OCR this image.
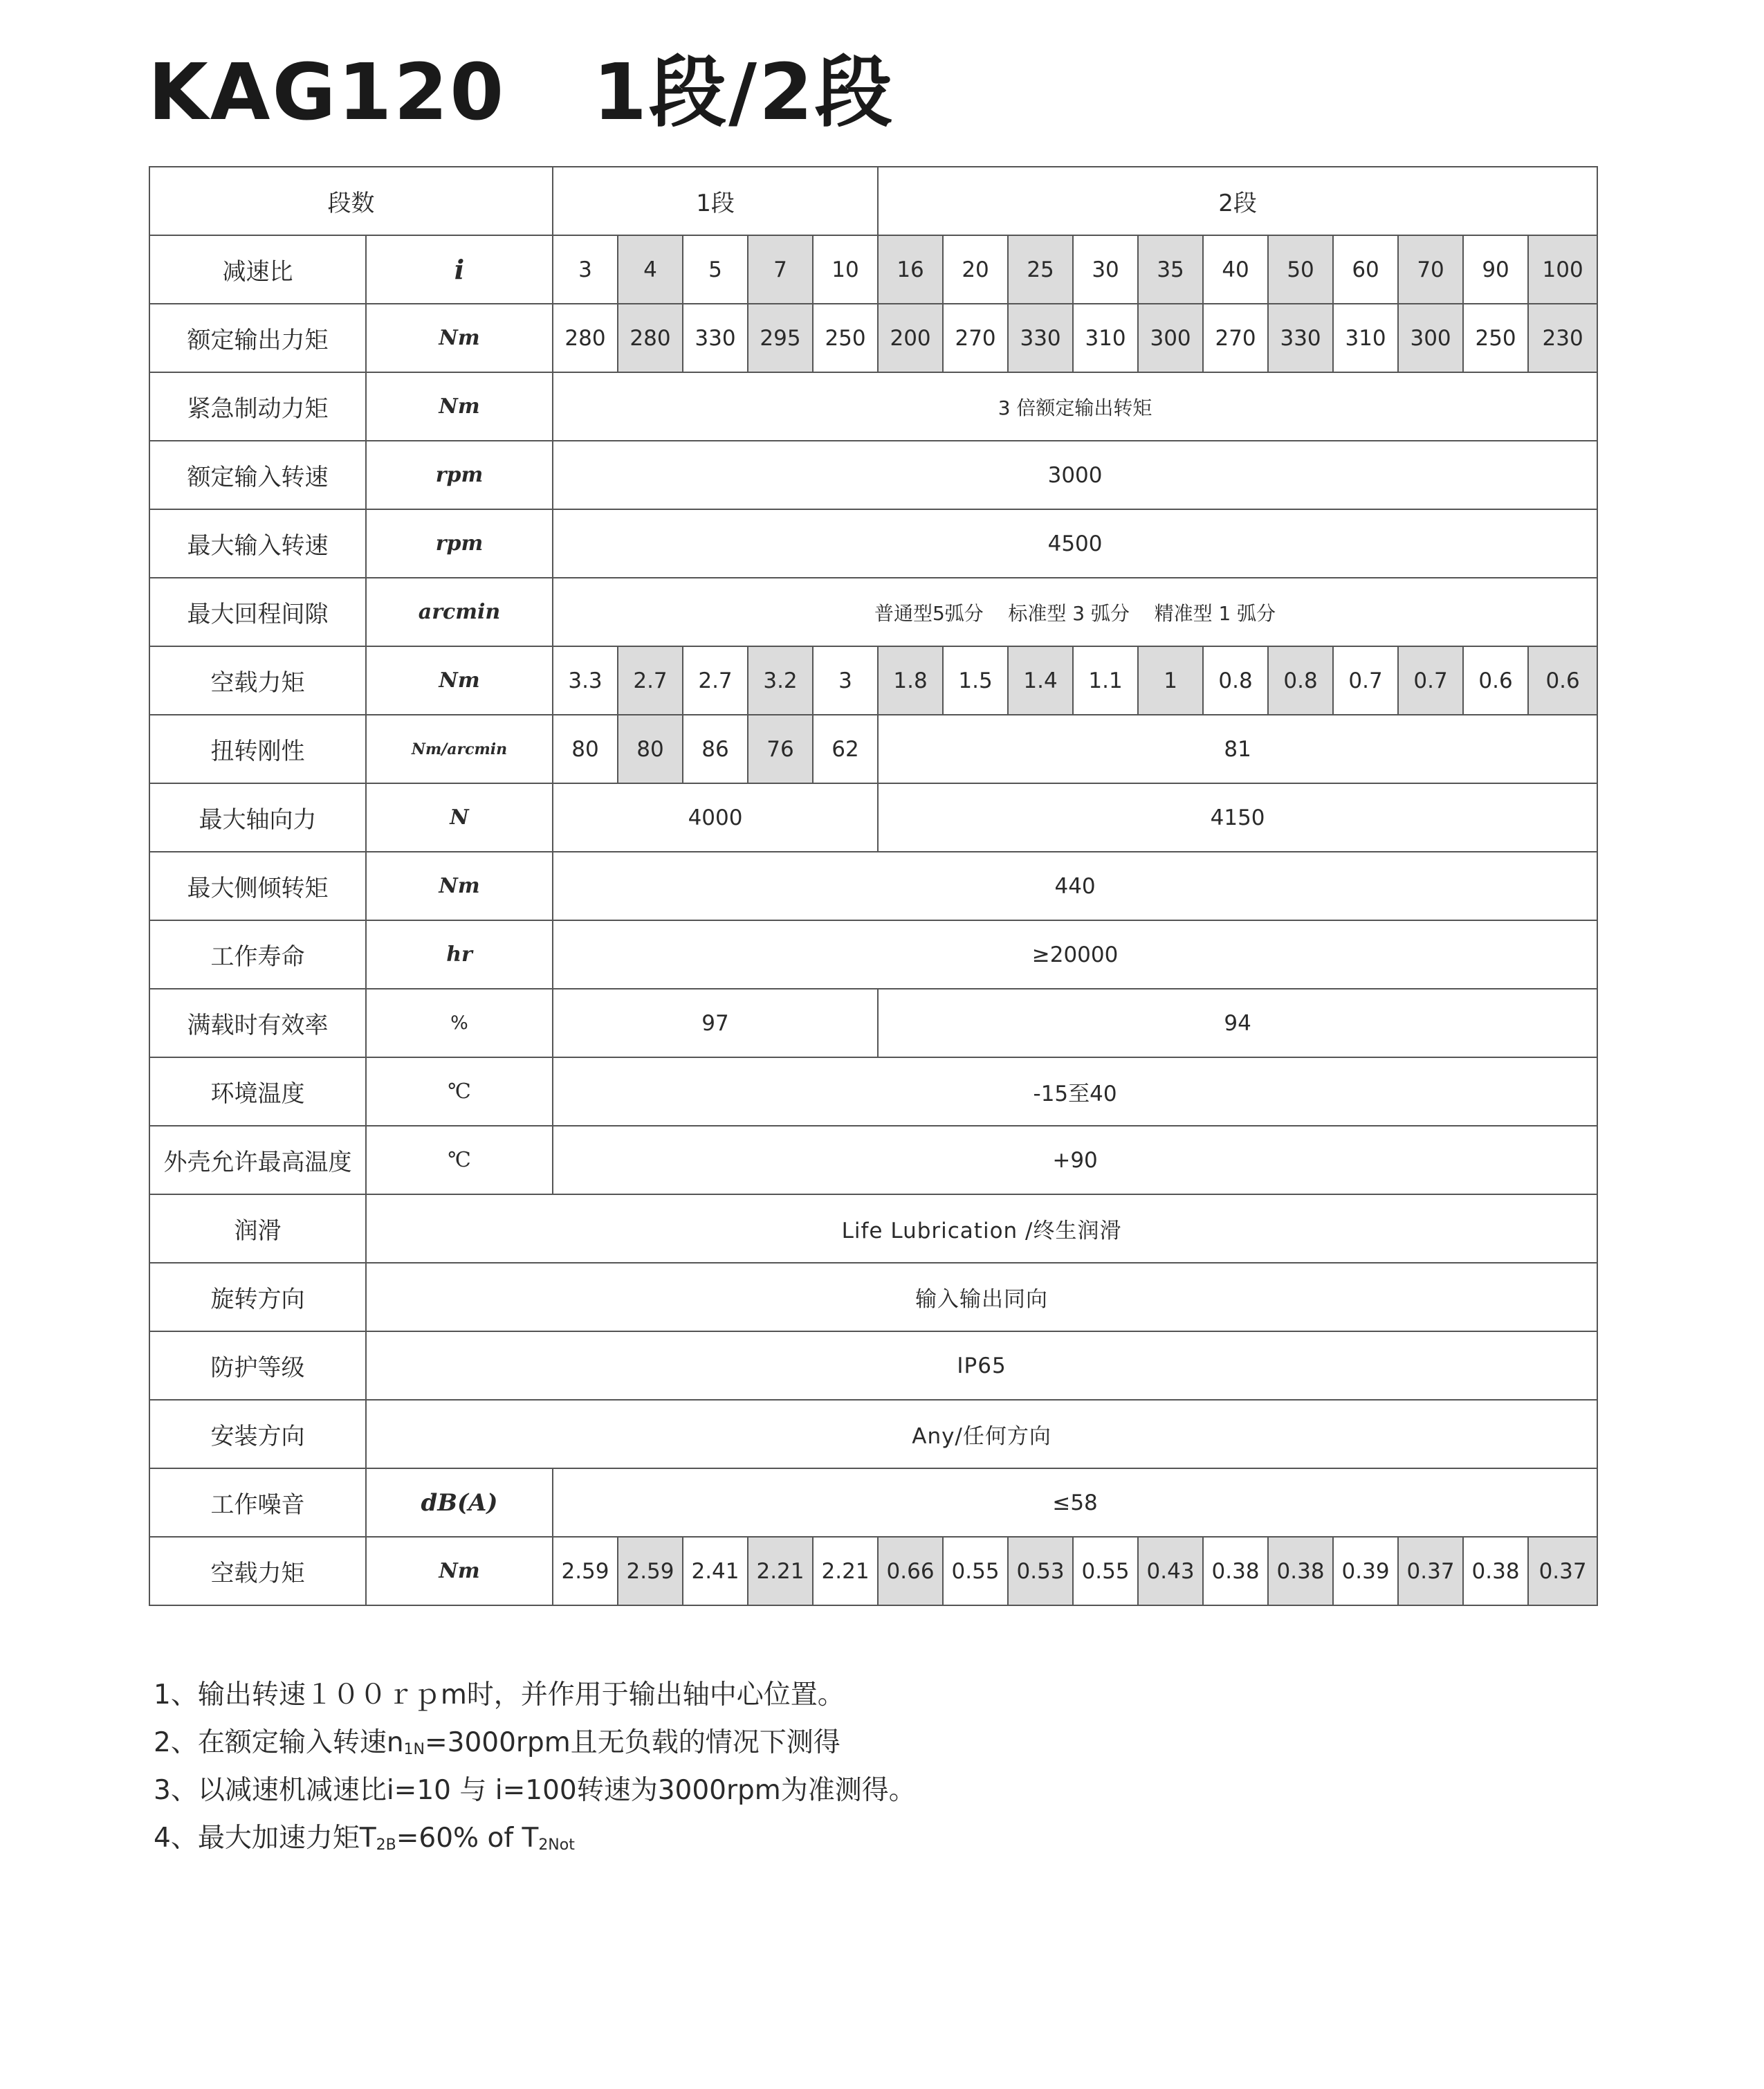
KAG120   1段/2段
段数		1段					2段										
减速比	i	3	4	5	7	10	16	20	25	30	35	40	50	60	70	90	100
额定输出力矩	Nm	280	280	330	295	250	200	270	330	310	300	270	330	310	300	250	230
紧急制动力矩	Nm	3 倍额定输出转矩															
额定输入转速	rpm	3000															
最大输入转速	rpm	4500															
最大回程间隙	arcmin	普通型5弧分    标准型 3 弧分    精准型 1 弧分															
空载力矩	Nm	3.3	2.7	2.7	3.2	3	1.8	1.5	1.4	1.1	1	0.8	0.8	0.7	0.7	0.6	0.6
扭转刚性	Nm/arcmin	80	80	86	76	62	81										
最大轴向力	N	4000					4150										
最大侧倾转矩	Nm	440															
工作寿命	hr	≥20000															
满载时有效率	%	97					94										
环境温度	℃	-15至40															
外壳允许最高温度	℃	+90															
润滑	Life Lubrication /终生润滑																
旋转方向	输入输出同向																
防护等级	IP65																
安装方向	Any/任何方向																
工作噪音	dB(A)	≤58															
空载力矩	Nm	2.59	2.59	2.41	2.21	2.21	0.66	0.55	0.53	0.55	0.43	0.38	0.38	0.39	0.37	0.38	0.37
1、输出转速１００ｒｐm时，并作用于输出轴中心位置。
2、在额定输入转速$n_{1N}=3000rpm$且无负载的情况下测得
3、以减速机减速比i=10 与 i=100转速为3000rpm为准测得。
4、最大加速力矩$T_{2B}=60\%$ of $T_{2Not}$
